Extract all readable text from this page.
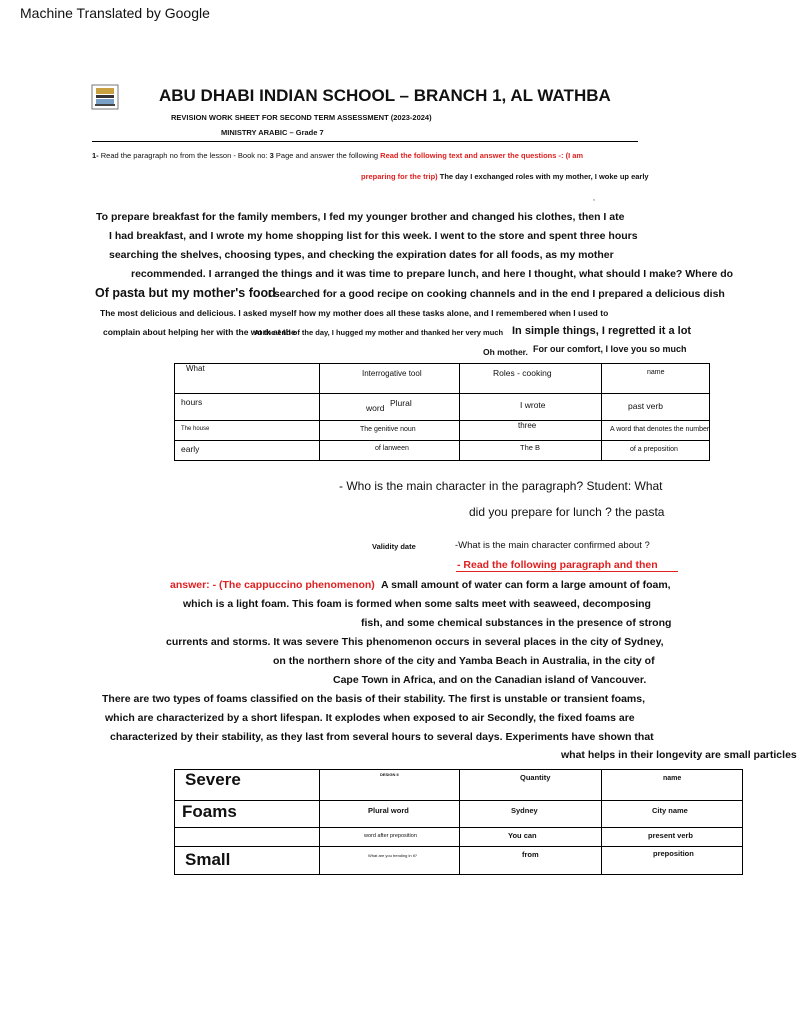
Machine Translated by Google
ABU DHABI INDIAN SCHOOL – BRANCH 1, AL WATHBA
REVISION WORK SHEET FOR SECOND TERM ASSESSMENT (2023-2024)
MINISTRY ARABIC – Grade 7
1- Read the paragraph no from the lesson - Book no: 3 Page and answer the following Read the following text and answer the questions -: (I am
preparing for the trip) The day I exchanged roles with my mother, I woke up early
,
To prepare breakfast for the family members, I fed my younger brother and changed his clothes, then I ate
I had breakfast, and I wrote my home shopping list for this week. I went to the store and spent three hours
searching the shelves, choosing types, and checking the expiration dates for all foods, as my mother
recommended. I arranged the things and it was time to prepare lunch, and here I thought, what should I make? Where do
Of pasta but my mother's food
I searched for a good recipe on cooking channels and in the end I prepared a delicious dish
The most delicious and delicious. I asked myself how my mother does all these tasks alone, and I remembered when I used to
complain about helping her with the work at the
At the end of the day, I hugged my mother and thanked her very much In simple things, I regretted it a lot
Oh mother. For our comfort, I love you so much
What	Interrogative tool	Roles - cooking	name

hours	word Plural	I wrote	past verb

The house	The genitive noun	three	A word that denotes the number

early	of lanween	The B	of a preposition
- Who is the main character in the paragraph? Student: What
did you prepare for lunch ? the pasta
Validity date	-What is the main character confirmed about ?
- Read the following paragraph and then
answer: - (The cappuccino phenomenon) A small amount of water can form a large amount of foam,
which is a light foam. This foam is formed when some salts meet with seaweed, decomposing
fish, and some chemical substances in the presence of strong
currents and storms. It was severe This phenomenon occurs in several places in the city of Sydney,
on the northern shore of the city and Yamba Beach in Australia, in the city of
Cape Town in Africa, and on the Canadian island of Vancouver.
There are two types of foams classified on the basis of their stability. The first is unstable or transient foams,
which are characterized by a short lifespan. It explodes when exposed to air Secondly, the fixed foams are
characterized by their stability, as they last from several hours to several days. Experiments have shown that
what helps in their longevity are small particles
Severe	DESIGN II	Quantity	name

Foams	Plural word	Sydney	City name

	word after preposition	You can	present verb

Small	What are you trending in it?	from	preposition
